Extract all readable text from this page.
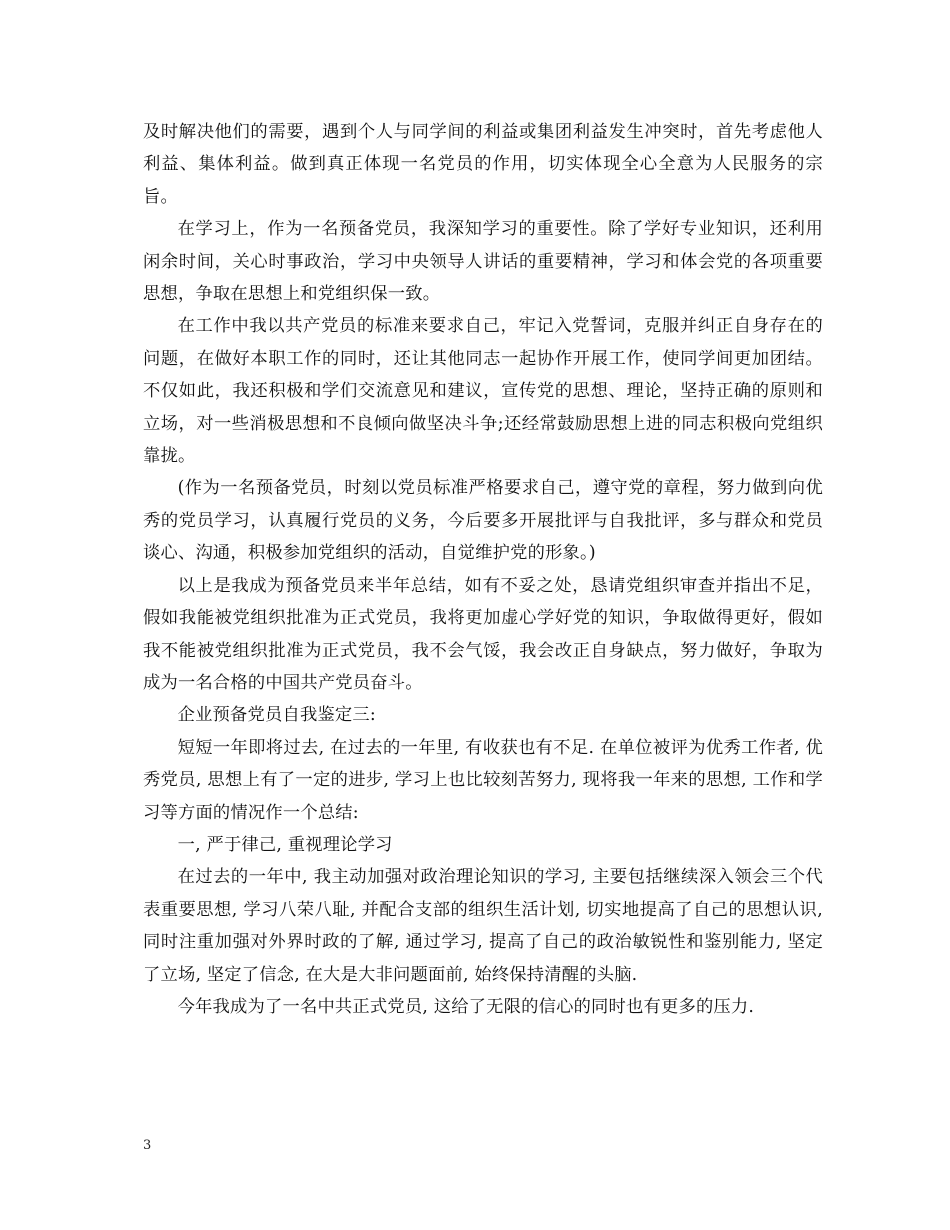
及时解决他们的需要，遇到个人与同学间的利益或集团利益发生冲突时，首先考虑他人利益、集体利益。做到真正体现一名党员的作用，切实体现全心全意为人民服务的宗旨。

在学习上，作为一名预备党员，我深知学习的重要性。除了学好专业知识，还利用闲余时间，关心时事政治，学习中央领导人讲话的重要精神，学习和体会党的各项重要思想，争取在思想上和党组织保一致。

在工作中我以共产党员的标准来要求自己，牢记入党誓词，克服并纠正自身存在的问题，在做好本职工作的同时，还让其他同志一起协作开展工作，使同学间更加团结。不仅如此，我还积极和学们交流意见和建议，宣传党的思想、理论，坚持正确的原则和立场，对一些消极思想和不良倾向做坚决斗争;还经常鼓励思想上进的同志积极向党组织靠拢。

(作为一名预备党员，时刻以党员标准严格要求自己，遵守党的章程，努力做到向优秀的党员学习，认真履行党员的义务，今后要多开展批评与自我批评，多与群众和党员谈心、沟通，积极参加党组织的活动，自觉维护党的形象。)

以上是我成为预备党员来半年总结，如有不妥之处，恳请党组织审查并指出不足，假如我能被党组织批准为正式党员，我将更加虚心学好党的知识，争取做得更好，假如我不能被党组织批准为正式党员，我不会气馁，我会改正自身缺点，努力做好，争取为成为一名合格的中国共产党员奋斗。

企业预备党员自我鉴定三:

短短一年即将过去, 在过去的一年里, 有收获也有不足. 在单位被评为优秀工作者, 优秀党员, 思想上有了一定的进步, 学习上也比较刻苦努力, 现将我一年来的思想, 工作和学习等方面的情况作一个总结:

一, 严于律己, 重视理论学习

在过去的一年中, 我主动加强对政治理论知识的学习, 主要包括继续深入领会三个代表重要思想, 学习八荣八耻, 并配合支部的组织生活计划, 切实地提高了自己的思想认识, 同时注重加强对外界时政的了解, 通过学习, 提高了自己的政治敏锐性和鉴别能力, 坚定了立场, 坚定了信念, 在大是大非问题面前, 始终保持清醒的头脑.

今年我成为了一名中共正式党员, 这给了无限的信心的同时也有更多的压力.

3
